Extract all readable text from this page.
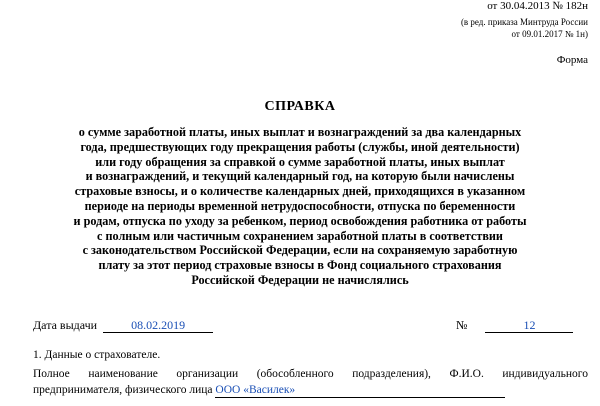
от 30.04.2013 № 182н
(в ред. приказа Минтруда России
от 09.01.2017 № 1н)
Форма
СПРАВКА
о сумме заработной платы, иных выплат и вознаграждений за два календарных
года, предшествующих году прекращения работы (службы, иной деятельности)
или году обращения за справкой о сумме заработной платы, иных выплат
и вознаграждений, и текущий календарный год, на которую были начислены
страховые взносы, и о количестве календарных дней, приходящихся в указанном
периоде на периоды временной нетрудоспособности, отпуска по беременности
и родам, отпуска по уходу за ребенком, период освобождения работника от работы
с полным или частичным сохранением заработной платы в соответствии
с законодательством Российской Федерации, если на сохраняемую заработную
плату за этот период страховые взносы в Фонд социального страхования
Российской Федерации не начислялись
Дата выдачи	08.02.2019	№	12
1. Данные о страхователе.
Полное наименование организации (обособленного подразделения), Ф.И.О. индивидуального
предпринимателя, физического лица ООО «Василек»
